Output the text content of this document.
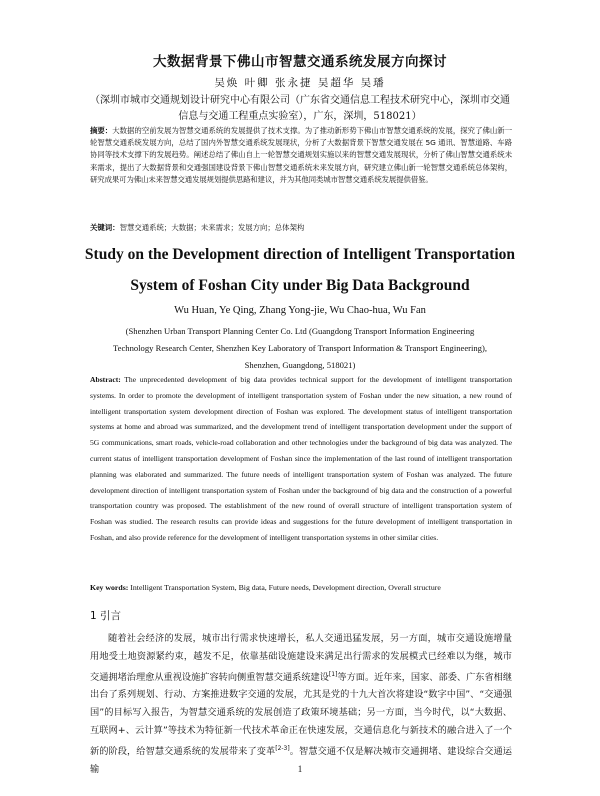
大数据背景下佛山市智慧交通系统发展方向探讨
吴焕 叶卿 张永捷 吴超华 吴璠
（深圳市城市交通规划设计研究中心有限公司（广东省交通信息工程技术研究中心，深圳市交通信息与交通工程重点实验室），广东，深圳，518021）
摘要：大数据的空前发展为智慧交通系统的发展提供了技术支撑。为了推动新形势下佛山市智慧交通系统的发展，探究了佛山新一轮智慧交通系统发展方向，总结了国内外智慧交通系统发展现状，分析了大数据背景下智慧交通发展在 5G 通讯、智慧道路、车路协同等技术支撑下的发展趋势。阐述总结了佛山自上一轮智慧交通规划实施以来的智慧交通发展现状，分析了佛山智慧交通系统未来需求，提出了大数据背景和交通强国建设背景下佛山智慧交通系统未来发展方向，研究建立佛山新一轮智慧交通系统总体架构，研究成果可为佛山未来智慧交通发展规划提供思路和建议，并为其他同类城市智慧交通系统发展提供借鉴。
关键词：智慧交通系统；大数据；未来需求；发展方向；总体架构
Study on the Development direction of Intelligent Transportation
System of Foshan City under Big Data Background
Wu Huan, Ye Qing, Zhang Yong-jie, Wu Chao-hua, Wu Fan
(Shenzhen Urban Transport Planning Center Co. Ltd (Guangdong Transport Information Engineering
Technology Research Center, Shenzhen Key Laboratory of Transport Information & Transport Engineering),
Shenzhen, Guangdong, 518021)
Abstract: The unprecedented development of big data provides technical support for the development of intelligent transportation systems. In order to promote the development of intelligent transportation system of Foshan under the new situation, a new round of intelligent transportation system development direction of Foshan was explored. The development status of intelligent transportation systems at home and abroad was summarized, and the development trend of intelligent transportation development under the support of 5G communications, smart roads, vehicle-road collaboration and other technologies under the background of big data was analyzed. The current status of intelligent transportation development of Foshan since the implementation of the last round of intelligent transportation planning was elaborated and summarized. The future needs of intelligent transportation system of Foshan was analyzed. The future development direction of intelligent transportation system of Foshan under the background of big data and the construction of a powerful transportation country was proposed. The establishment of the new round of overall structure of intelligent transportation system of Foshan was studied. The research results can provide ideas and suggestions for the future development of intelligent transportation in Foshan, and also provide reference for the development of intelligent transportation systems in other similar cities.
Key words: Intelligent Transportation System, Big data, Future needs, Development direction, Overall structure
1 引言
随着社会经济的发展，城市出行需求快速增长，私人交通迅猛发展，另一方面，城市交通设施增量用地受土地资源紧约束，越发不足，依靠基础设施建设来满足出行需求的发展模式已经难以为继，城市交通拥堵治理愈从重视设施扩容转向侧重智慧交通系统建设[1]等方面。近年来，国家、部委、广东省相继出台了系列规划、行动、方案推进数字交通的发展，尤其是党的十九大首次将建设“数字中国”、“交通强国”的目标写入报告，为智慧交通系统的发展创造了政策环境基础；另一方面，当今时代，以“大数据、互联网+、云计算”等技术为特征新一代技术革命正在快速发展，交通信息化与新技术的融合进入了一个新的阶段，给智慧交通系统的发展带来了变革[2-3]。智慧交通不仅是解决城市交通拥堵、建设综合交通运输	1
